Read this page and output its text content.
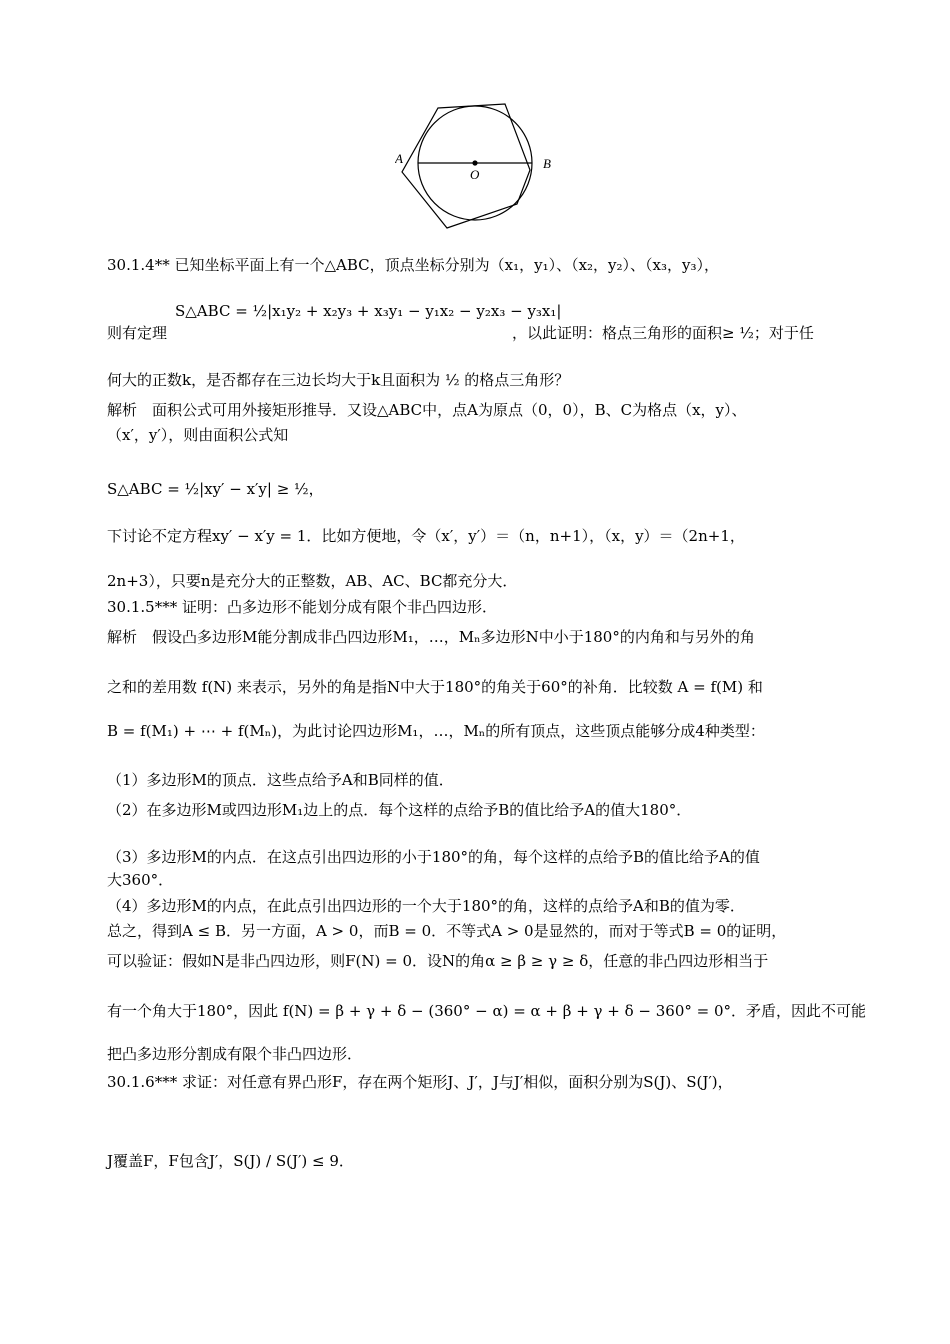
A	B
O
30.1.4** 已知坐标平面上有一个△ABC，顶点坐标分别为（x₁，y₁）、（x₂，y₂）、（x₃，y₃），
S△ABC = ½|x₁y₂ + x₂y₃ + x₃y₁ − y₁x₂ − y₂x₃ − y₃x₁|
则有定理　　　　　　　　　　　　　　　　　　　　　　　，以此证明：格点三角形的面积≥ ½；对于任
何大的正数k，是否都存在三边长均大于k且面积为 ½ 的格点三角形？
解析　面积公式可用外接矩形推导．又设△ABC中，点A为原点（0，0），B、C为格点（x，y）、
（x′，y′），则由面积公式知
S△ABC = ½|xy′ − x′y| ≥ ½，
下讨论不定方程xy′ − x′y = 1．比如方便地，令（x′，y′）＝（n，n+1），（x，y）＝（2n+1，
2n+3），只要n是充分大的正整数，AB、AC、BC都充分大．
30.1.5*** 证明：凸多边形不能划分成有限个非凸四边形．
解析　假设凸多边形M能分割成非凸四边形M₁，…，Mₙ多边形N中小于180°的内角和与另外的角
之和的差用数 f(N) 来表示，另外的角是指N中大于180°的角关于60°的补角．比较数 A = f(M) 和
B = f(M₁) + ⋯ + f(Mₙ)，为此讨论四边形M₁，…，Mₙ的所有顶点，这些顶点能够分成4种类型：
（1）多边形M的顶点．这些点给予A和B同样的值．
（2）在多边形M或四边形M₁边上的点．每个这样的点给予B的值比给予A的值大180°．
（3）多边形M的内点．在这点引出四边形的小于180°的角，每个这样的点给予B的值比给予A的值
大360°．
（4）多边形M的内点，在此点引出四边形的一个大于180°的角，这样的点给予A和B的值为零．
总之，得到A ≤ B．另一方面，A > 0，而B = 0．不等式A > 0是显然的，而对于等式B = 0的证明，
可以验证：假如N是非凸四边形，则F(N) = 0．设N的角α ≥ β ≥ γ ≥ δ，任意的非凸四边形相当于
有一个角大于180°，因此 f(N) = β + γ + δ − (360° − α) = α + β + γ + δ − 360° = 0°．矛盾，因此不可能
把凸多边形分割成有限个非凸四边形．
30.1.6*** 求证：对任意有界凸形F，存在两个矩形J、J′，J与J′相似，面积分别为S(J)、S(J′)，
J覆盖F，F包含J′，S(J) / S(J′) ≤ 9．
